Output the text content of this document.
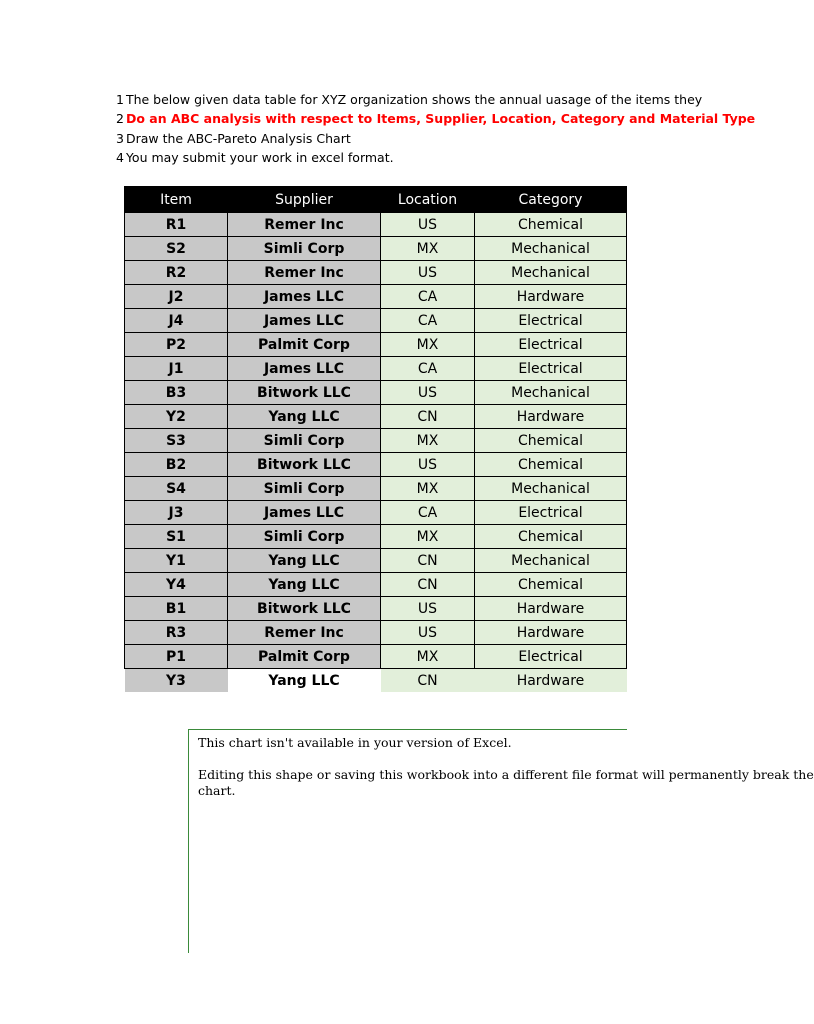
1 The below given data table for XYZ organization shows the annual uasage of the items they
2 Do an ABC analysis with respect to Items, Supplier, Location, Category and Material Type
3 Draw the ABC-Pareto Analysis Chart
4 You may submit your work in excel format.
Item	Supplier	Location	Category
R1	Remer Inc	US	Chemical
S2	Simli Corp	MX	Mechanical
R2	Remer Inc	US	Mechanical
J2	James LLC	CA	Hardware
J4	James LLC	CA	Electrical
P2	Palmit Corp	MX	Electrical
J1	James LLC	CA	Electrical
B3	Bitwork LLC	US	Mechanical
Y2	Yang LLC	CN	Hardware
S3	Simli Corp	MX	Chemical
B2	Bitwork LLC	US	Chemical
S4	Simli Corp	MX	Mechanical
J3	James LLC	CA	Electrical
S1	Simli Corp	MX	Chemical
Y1	Yang LLC	CN	Mechanical
Y4	Yang LLC	CN	Chemical
B1	Bitwork LLC	US	Hardware
R3	Remer Inc	US	Hardware
P1	Palmit Corp	MX	Electrical
Y3	Yang LLC	CN	Hardware
This chart isn't available in your version of Excel.
Editing this shape or saving this workbook into a different file format will permanently break the
chart.
